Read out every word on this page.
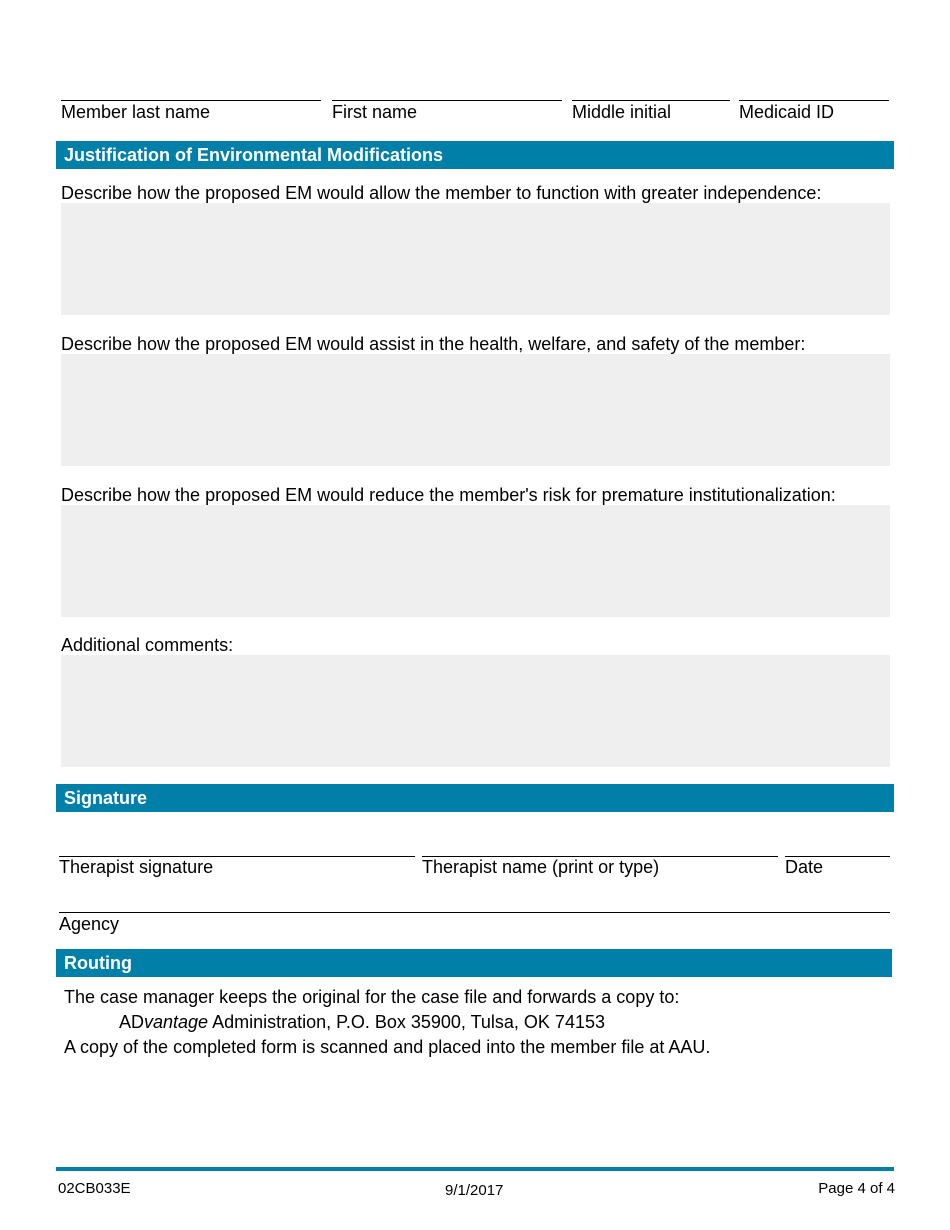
Member last name	First name	Middle initial	Medicaid ID
Justification of Environmental Modifications
Describe how the proposed EM would allow the member to function with greater independence:
Describe how the proposed EM would assist in the health, welfare, and safety of the member:
Describe how the proposed EM would reduce the member's risk for premature institutionalization:
Additional comments:
Signature
Therapist signature	Therapist name (print or type)	Date
Agency
Routing
The case manager keeps the original for the case file and forwards a copy to:
ADvantage Administration, P.O. Box 35900, Tulsa, OK 74153
A copy of the completed form is scanned and placed into the member file at AAU.
02CB033E	9/1/2017	Page 4 of 4
